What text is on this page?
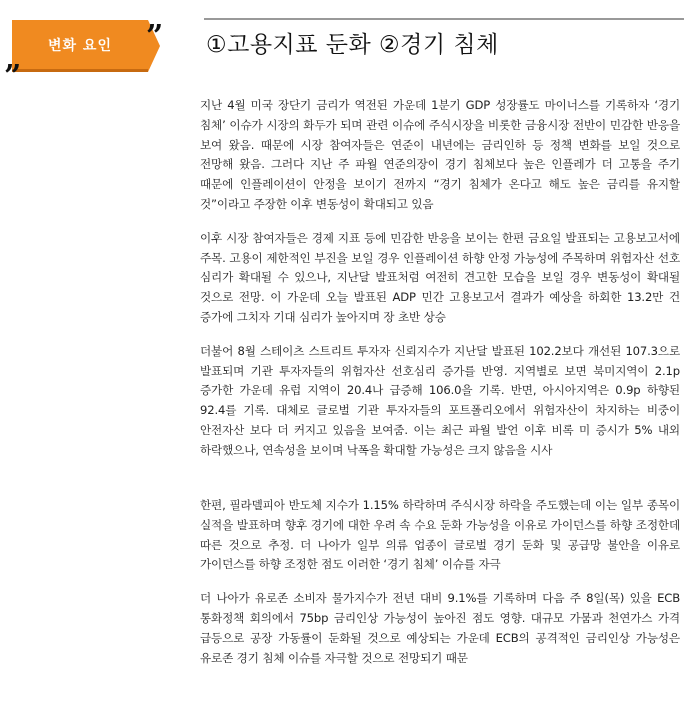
변화 요인	”
”
①고용지표 둔화 ②경기 침체

지난 4월 미국 장단기 금리가 역전된 가운데 1분기 GDP 성장률도 마이너스를 기록하자 ‘경기 침체’ 이슈가 시장의 화두가 되며 관련 이슈에 주식시장을 비롯한 금융시장 전반이 민감한 반응을 보여 왔음. 때문에 시장 참여자들은 연준이 내년에는 금리인하 등 정책 변화를 보일 것으로 전망해 왔음. 그러다 지난 주 파월 연준의장이 경기 침체보다 높은 인플레가 더 고통을 주기 때문에 인플레이션이 안정을 보이기 전까지 “경기 침체가 온다고 해도 높은 금리를 유지할 것”이라고 주장한 이후 변동성이 확대되고 있음

이후 시장 참여자들은 경제 지표 등에 민감한 반응을 보이는 한편 금요일 발표되는 고용보고서에 주목. 고용이 제한적인 부진을 보일 경우 인플레이션 하향 안정 가능성에 주목하며 위험자산 선호 심리가 확대될 수 있으나, 지난달 발표처럼 여전히 견고한 모습을 보일 경우 변동성이 확대될 것으로 전망. 이 가운데 오늘 발표된 ADP 민간 고용보고서 결과가 예상을 하회한 13.2만 건 증가에 그치자 기대 심리가 높아지며 장 초반 상승

더불어 8월 스테이츠 스트리트 투자자 신뢰지수가 지난달 발표된 102.2보다 개선된 107.3으로 발표되며 기관 투자자들의 위험자산 선호심리 증가를 반영. 지역별로 보면 북미지역이 2.1p 증가한 가운데 유럽 지역이 20.4나 급증해 106.0을 기록. 반면, 아시아지역은 0.9p 하향된 92.4를 기록. 대체로 글로벌 기관 투자자들의 포트폴리오에서 위험자산이 차지하는 비중이 안전자산 보다 더 커지고 있음을 보여줌. 이는 최근 파월 발언 이후 비록 미 증시가 5% 내외 하락했으나, 연속성을 보이며 낙폭을 확대할 가능성은 크지 않음을 시사

한편, 필라델피아 반도체 지수가 1.15% 하락하며 주식시장 하락을 주도했는데 이는 일부 종목이 실적을 발표하며 향후 경기에 대한 우려 속 수요 둔화 가능성을 이유로 가이던스를 하향 조정한데 따른 것으로 추정. 더 나아가 일부 의류 업종이 글로벌 경기 둔화 및 공급망 불안을 이유로 가이던스를 하향 조정한 점도 이러한 ‘경기 침체’ 이슈를 자극

더 나아가 유로존 소비자 물가지수가 전년 대비 9.1%를 기록하며 다음 주 8일(목) 있을 ECB 통화정책 회의에서 75bp 금리인상 가능성이 높아진 점도 영향. 대규모 가뭄과 천연가스 가격 급등으로 공장 가동률이 둔화될 것으로 예상되는 가운데 ECB의 공격적인 금리인상 가능성은 유로존 경기 침체 이슈를 자극할 것으로 전망되기 때문
